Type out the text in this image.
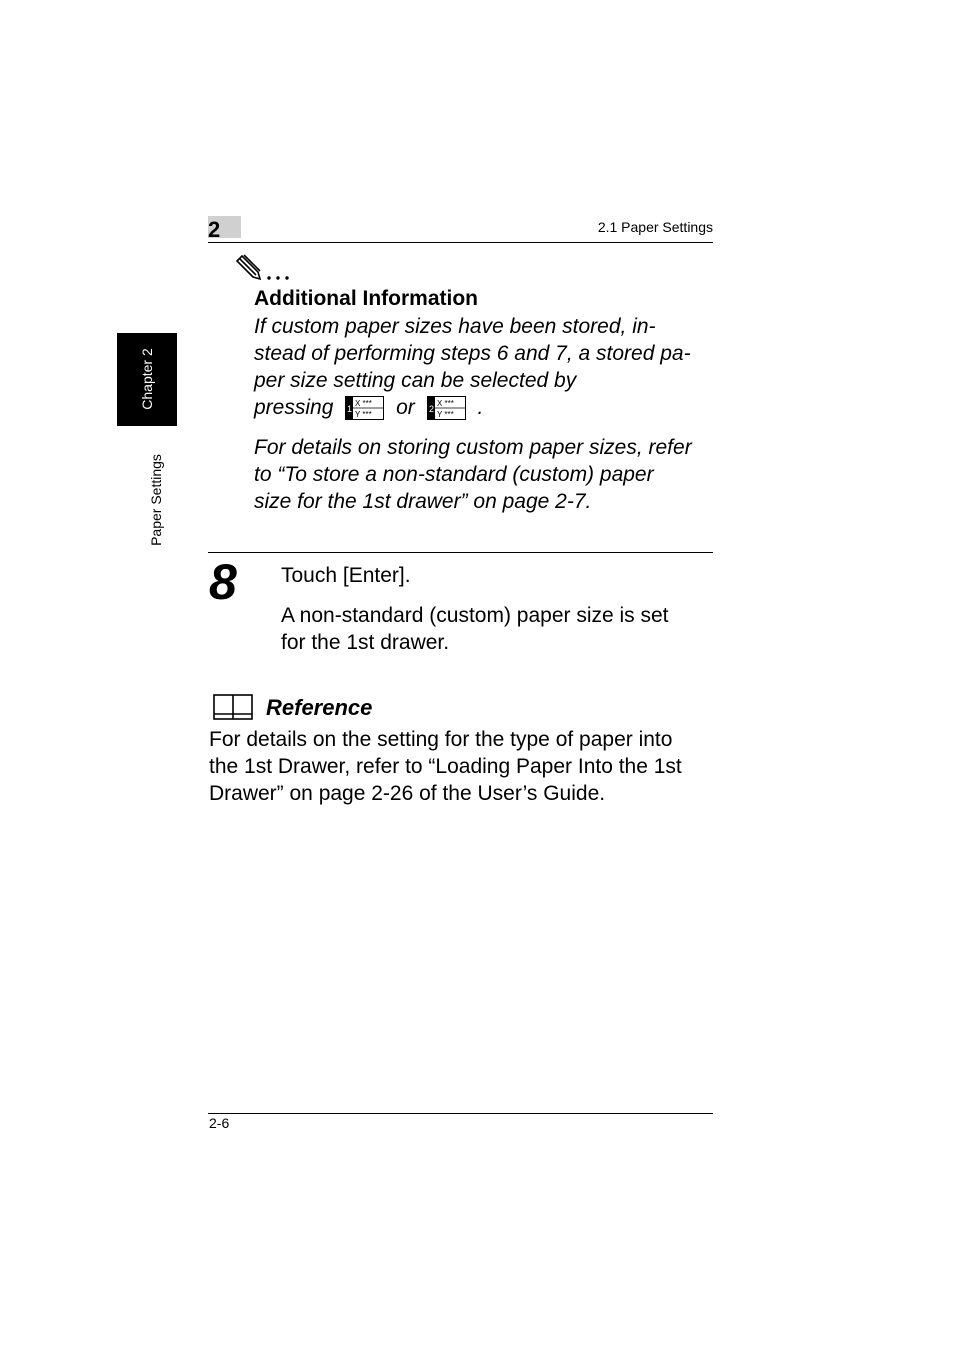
2	2.1 Paper Settings
Chapter 2
Paper Settings
Additional Information
If custom paper sizes have been stored, in-
stead of performing steps 6 and 7, a stored pa-
per size setting can be selected by
pressing 1
X ***
Y *** or 2
X ***
Y *** .
For details on storing custom paper sizes, refer
to “To store a non-standard (custom) paper
size for the 1st drawer” on page 2-7.
8 Touch [Enter].
A non-standard (custom) paper size is set
for the 1st drawer.
Reference
For details on the setting for the type of paper into
the 1st Drawer, refer to “Loading Paper Into the 1st
Drawer” on page 2-26 of the User’s Guide.
2-6
